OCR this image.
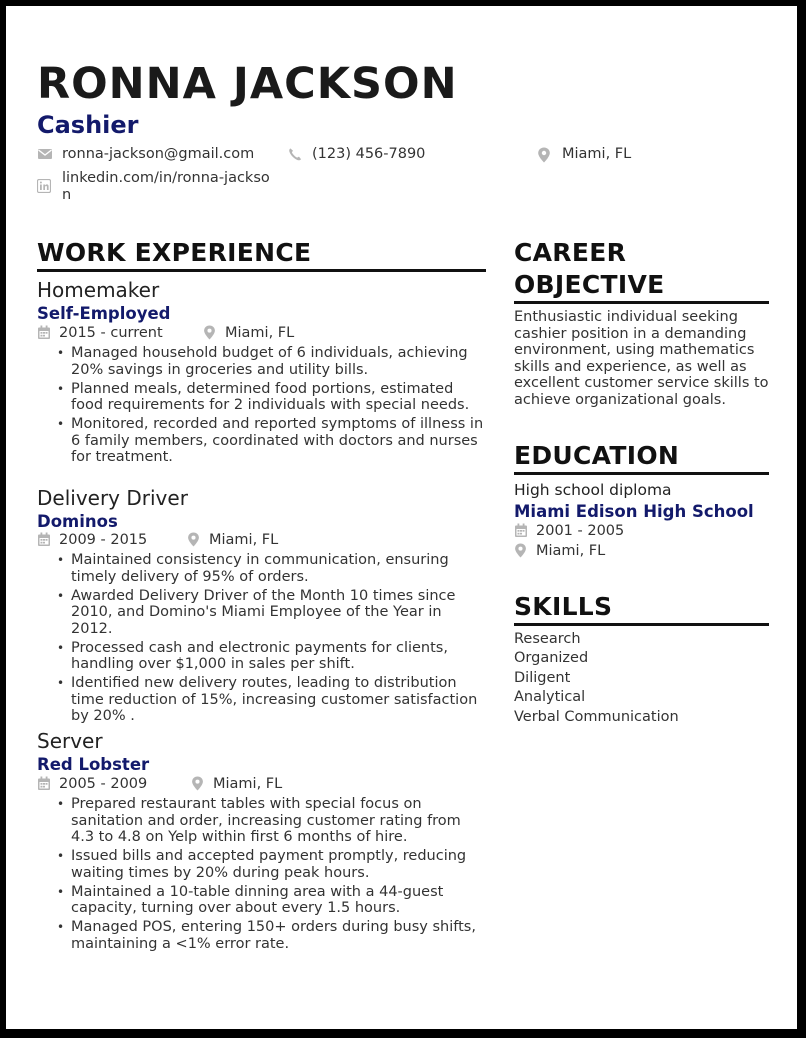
RONNA JACKSON
Cashier
ronna-jackson@gmail.com	(123) 456-7890	Miami, FL
linkedin.com/in/ronna-jackso
n
WORK EXPERIENCE
Homemaker
Self-Employed
2015 - current	Miami, FL
• Managed household budget of 6 individuals, achieving 20% savings in groceries and utility bills.
• Planned meals, determined food portions, estimated food requirements for 2 individuals with special needs.
• Monitored, recorded and reported symptoms of illness in 6 family members, coordinated with doctors and nurses for treatment.
Delivery Driver
Dominos
2009 - 2015	Miami, FL
• Maintained consistency in communication, ensuring timely delivery of 95% of orders.
• Awarded Delivery Driver of the Month 10 times since 2010, and Domino's Miami Employee of the Year in 2012.
• Processed cash and electronic payments for clients, handling over $1,000 in sales per shift.
• Identified new delivery routes, leading to distribution time reduction of 15%, increasing customer satisfaction by 20% .
Server
Red Lobster
2005 - 2009	Miami, FL
• Prepared restaurant tables with special focus on sanitation and order, increasing customer rating from 4.3 to 4.8 on Yelp within first 6 months of hire.
• Issued bills and accepted payment promptly, reducing waiting times by 20% during peak hours.
• Maintained a 10-table dinning area with a 44-guest capacity, turning over about every 1.5 hours.
• Managed POS, entering 150+ orders during busy shifts, maintaining a <1% error rate.
CAREER
OBJECTIVE
Enthusiastic individual seeking cashier position in a demanding environment, using mathematics skills and experience, as well as excellent customer service skills to achieve organizational goals.
EDUCATION
High school diploma
Miami Edison High School
2001 - 2005
Miami, FL
SKILLS
Research
Organized
Diligent
Analytical
Verbal Communication
